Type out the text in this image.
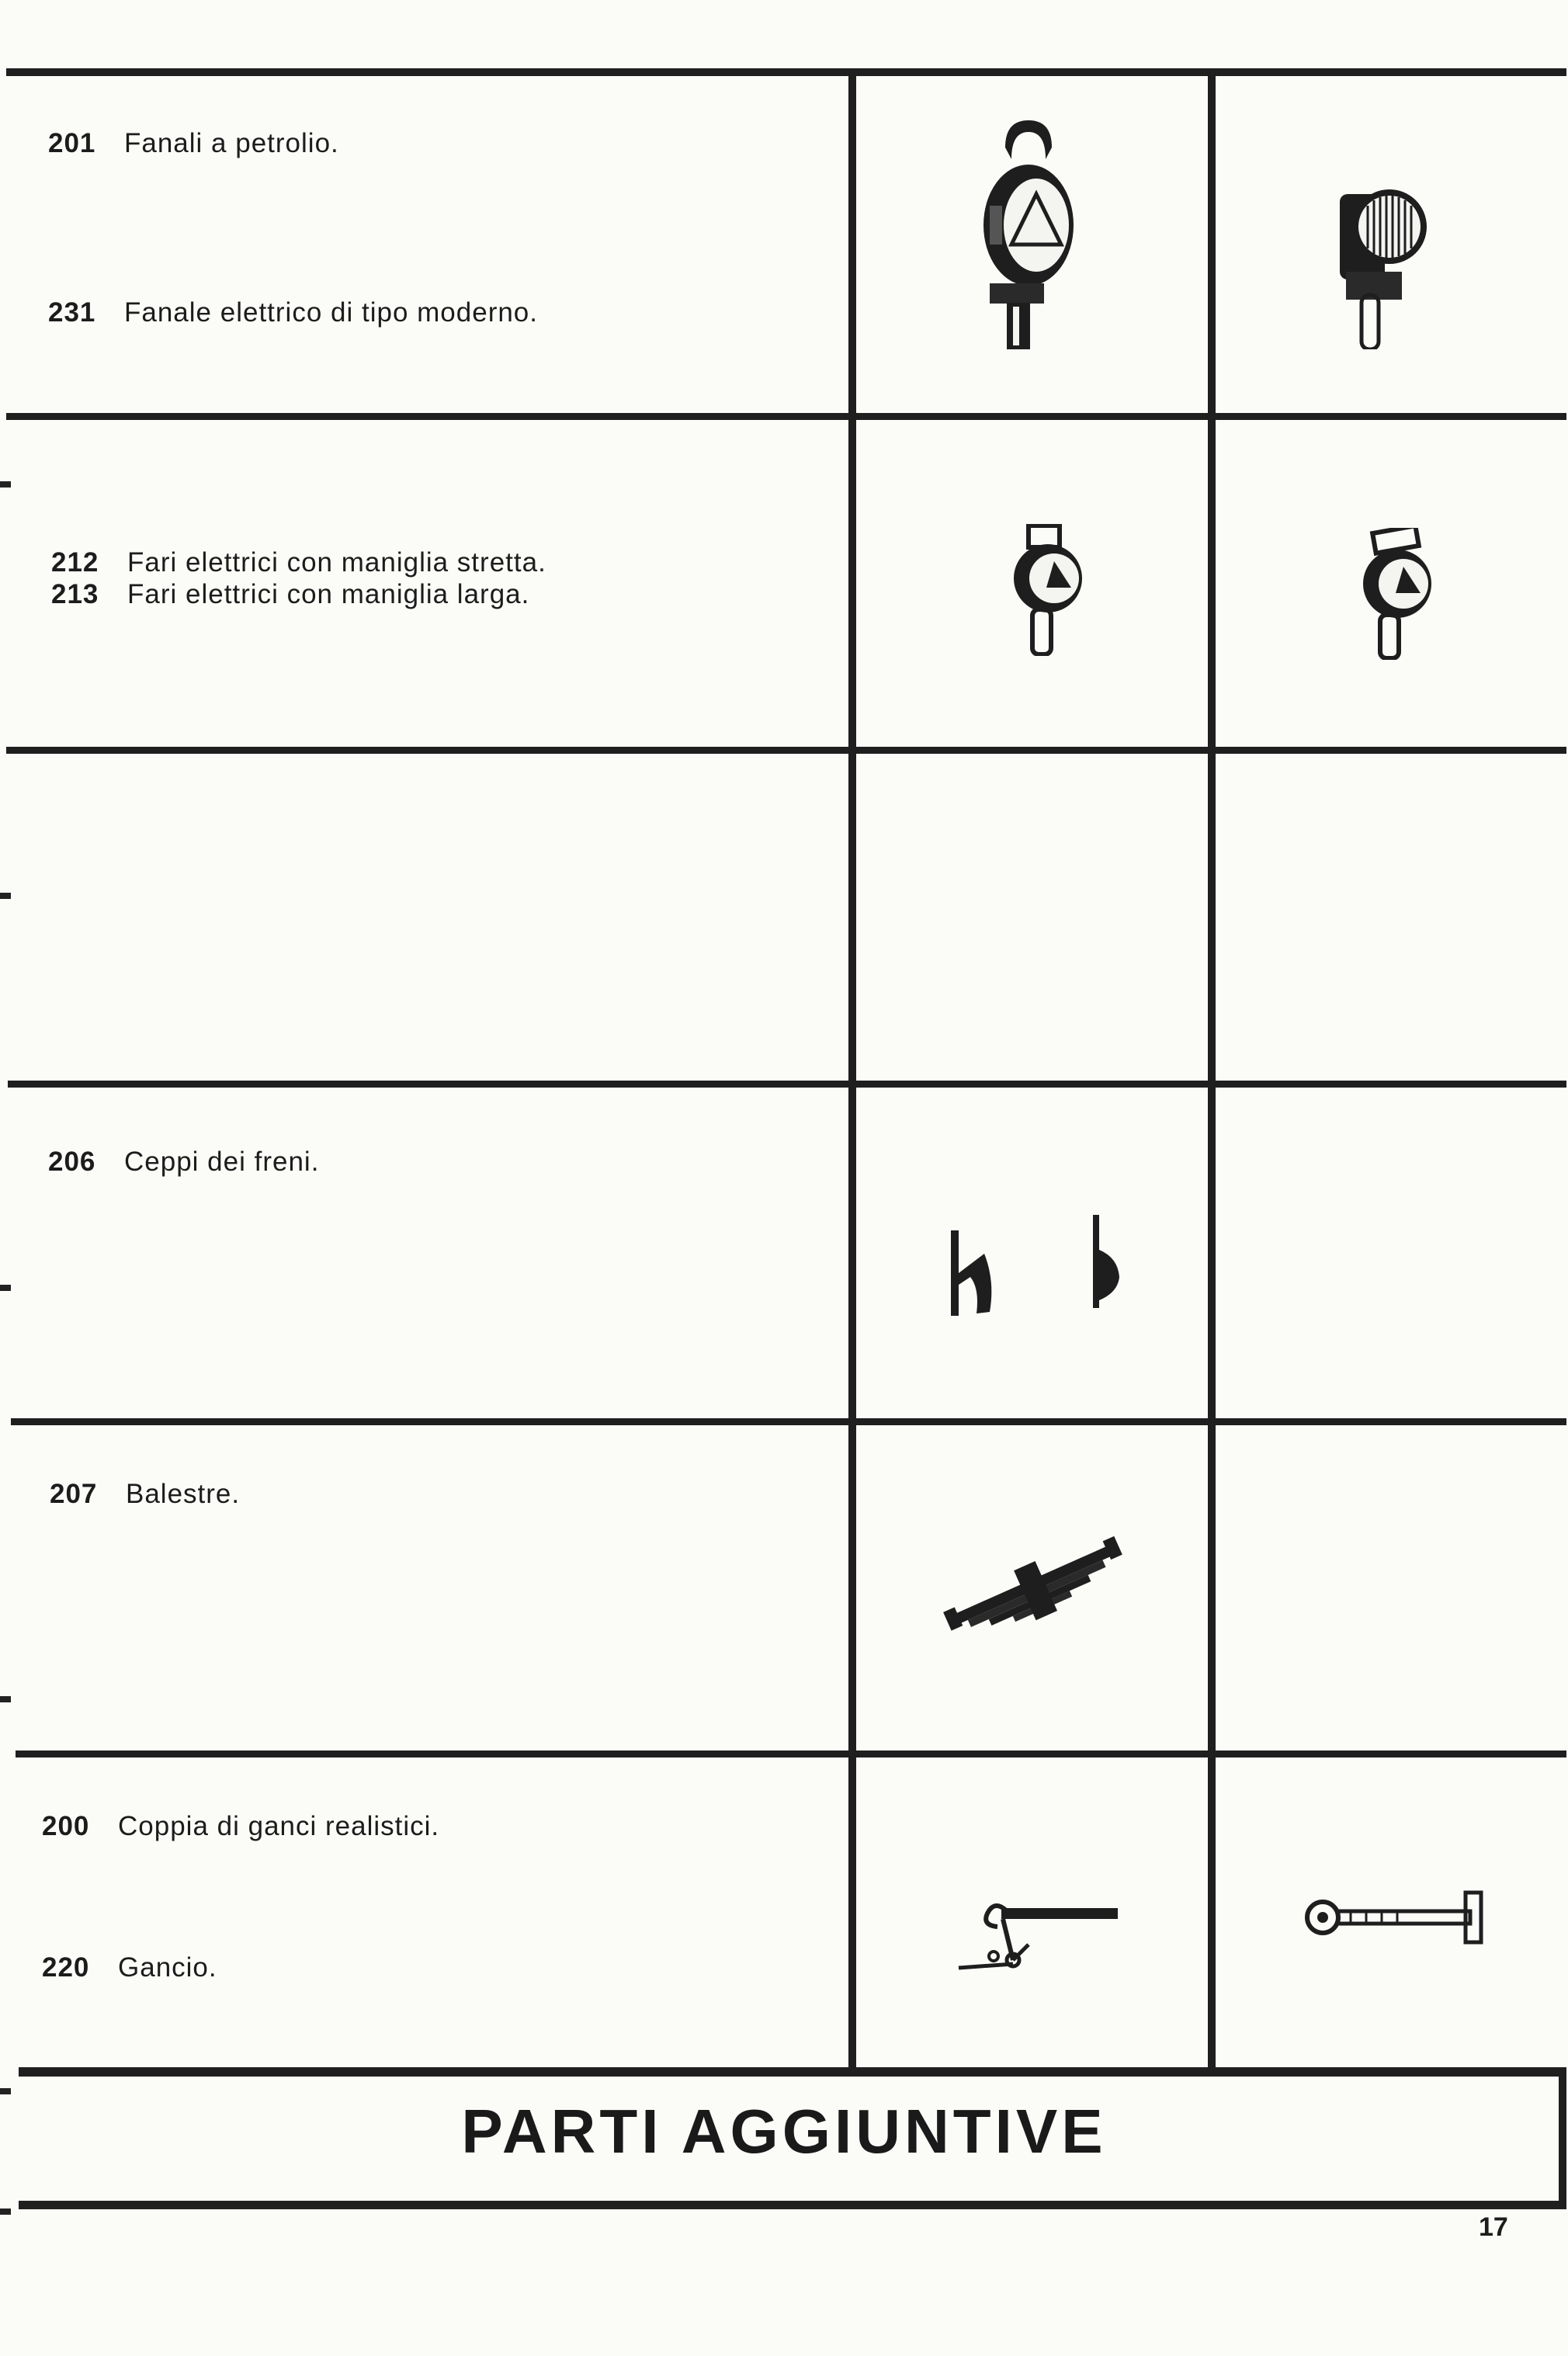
201 Fanali a petrolio.
231 Fanale elettrico di tipo moderno.
212 Fari elettrici con maniglia stretta.
213 Fari elettrici con maniglia larga.
206 Ceppi dei freni.
207 Balestre.
200 Coppia di ganci realistici.
220 Gancio.
PARTI AGGIUNTIVE
17
